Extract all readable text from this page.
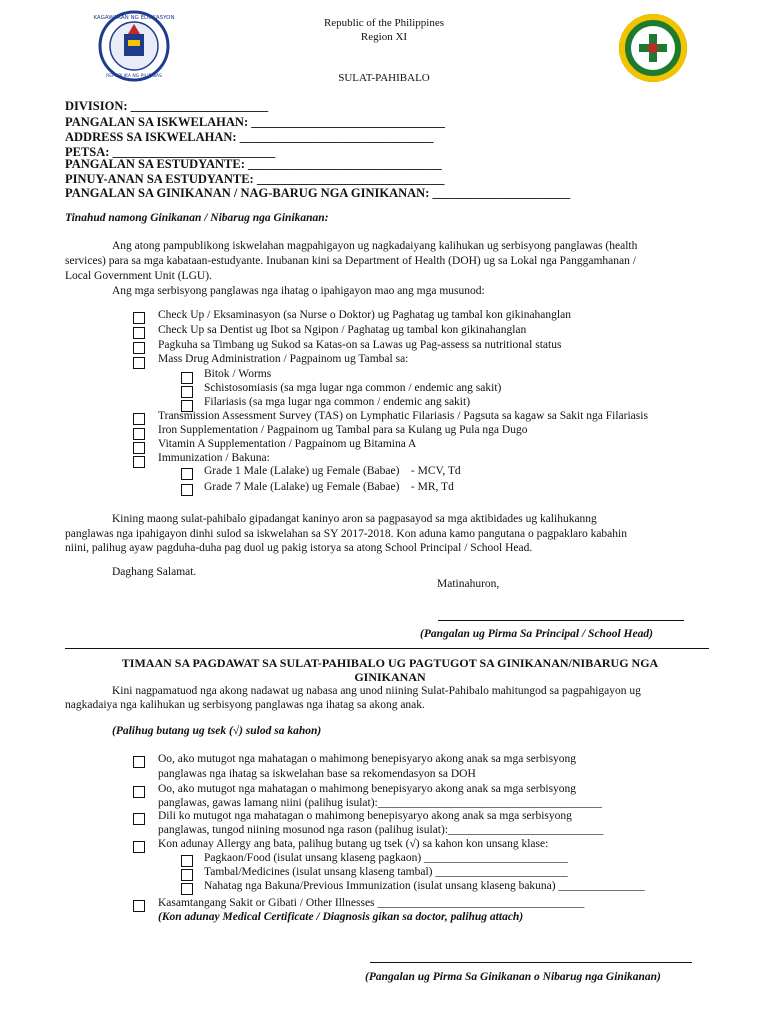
KAGAWARAN NG EDUKASYON
REPUBLIKA NG PILIPINAS
Republic of the Philippines
Region XI
SULAT-PAHIBALO
DIVISION: ______________________
PANGALAN SA ISKWELAHAN: _______________________________
ADDRESS SA ISKWELAHAN: _______________________________
PETSA: __________________________
PANGALAN SA ESTUDYANTE: _______________________________
PINUY-ANAN SA ESTUDYANTE: ______________________________
PANGALAN SA GINIKANAN / NAG-BARUG NGA GINIKANAN: ______________________
Tinahud namong Ginikanan / Nibarug nga Ginikanan:
Ang atong pampublikong iskwelahan magpahigayon ug nagkadaiyang kalihukan ug serbisyong panglawas (health
services) para sa mga kabataan-estudyante. Inubanan kini sa Department of Health (DOH) ug sa Lokal nga Panggamhanan /
Local Government Unit (LGU).
Ang mga serbisyong panglawas nga ihatag o ipahigayon mao ang mga musunod:
Check Up / Eksaminasyon (sa Nurse o Doktor) ug Paghatag ug tambal kon gikinahanglan
Check Up sa Dentist ug Ibot sa Ngipon / Paghatag ug tambal kon gikinahanglan
Pagkuha sa Timbang ug Sukod sa Katas-on sa Lawas ug Pag-assess sa nutritional status
Mass Drug Administration / Pagpainom ug Tambal sa:
Bitok / Worms
Schistosomiasis (sa mga lugar nga common / endemic ang sakit)
Filariasis (sa mga lugar nga common / endemic ang sakit)
Transmission Assessment Survey (TAS) on Lymphatic Filariasis / Pagsuta sa kagaw sa Sakit nga Filariasis
Iron Supplementation / Pagpainom ug Tambal para sa Kulang ug Pula nga Dugo
Vitamin A Supplementation / Pagpainom ug Bitamina A
Immunization / Bakuna:
Grade 1 Male (Lalake) ug Female (Babae)    - MCV, Td
Grade 7 Male (Lalake) ug Female (Babae)    - MR, Td
Kining maong sulat-pahibalo gipadangat kaninyo aron sa pagpasayod sa mga aktibidades ug kalihukanng
panglawas nga ipahigayon dinhi sulod sa iskwelahan sa SY 2017-2018. Kon aduna kamo pangutana o pagpaklaro kabahin
niini, palihug ayaw pagduha-duha pag duol ug pakig istorya sa atong School Principal / School Head.
Daghang Salamat.
Matinahuron,
(Pangalan ug Pirma Sa Principal / School Head)
TIMAAN SA PAGDAWAT SA SULAT-PAHIBALO UG PAGTUGOT SA GINIKANAN/NIBARUG NGA
GINIKANAN
Kini nagpamatuod nga akong nadawat ug nabasa ang unod niining Sulat-Pahibalo mahitungod sa pagpahigayon ug
nagkadaiya nga kalihukan ug serbisyong panglawas nga ihatag sa akong anak.
(Palihug butang ug tsek (√) sulod sa kahon)
Oo, ako mutugot nga mahatagan o mahimong benepisyaryo akong anak sa mga serbisyong
panglawas nga ihatag sa iskwelahan base sa rekomendasyon sa DOH
Oo, ako mutugot nga mahatagan o mahimong benepisyaryo akong anak sa mga serbisyong
panglawas, gawas lamang niini (palihug isulat):_______________________________________
Dili ko mutugot nga mahatagan o mahimong benepisyaryo akong anak sa mga serbisyong
panglawas, tungod niining mosunod nga rason (palihug isulat):___________________________
Kon adunay Allergy ang bata, palihug butang ug tsek (√) sa kahon kon unsang klase:
Pagkaon/Food (isulat unsang klaseng pagkaon) _________________________
Tambal/Medicines (isulat unsang klaseng tambal) _______________________
Nahatag nga Bakuna/Previous Immunization (isulat unsang klaseng bakuna) _______________
Kasamtangang Sakit or Gibati / Other Illnesses ____________________________________
(Kon adunay Medical Certificate / Diagnosis gikan sa doctor, palihug attach)
(Pangalan ug Pirma Sa Ginikanan o Nibarug nga Ginikanan)
